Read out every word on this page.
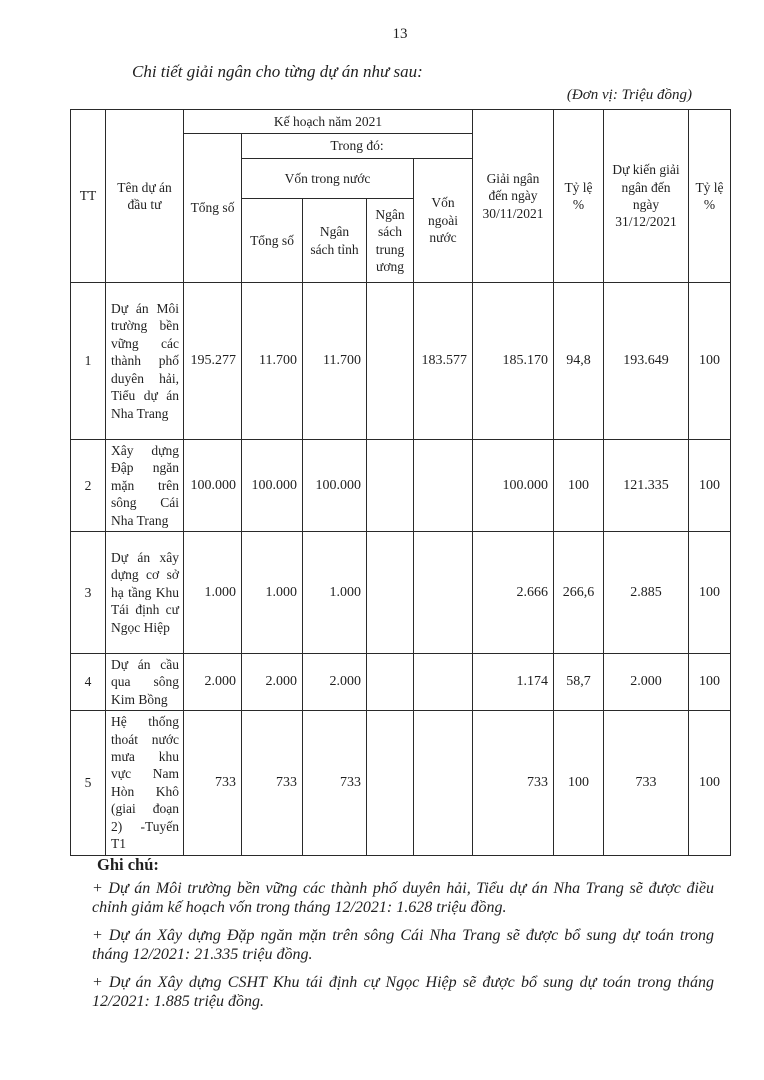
13
Chi tiết giải ngân cho từng dự án như sau:
(Đơn vị: Triệu đồng)
TT	Tên dự án đầu tư	Kế hoạch năm 2021					Giải ngân đến ngày 30/11/2021	Tỷ lệ %	Dự kiến giải ngân đến ngày 31/12/2021	Tỷ lệ %
		Tổng số	Trong đó:							
			Vốn trong nước			Vốn ngoài nước				
			Tổng số	Ngân sách tỉnh	Ngân sách trung ương					
1	Dự án Môi trường bền vững các thành phố duyên hải, Tiểu dự án Nha Trang	195.277	11.700	11.700		183.577	185.170	94,8	193.649	100
2	Xây dựng Đập ngăn mặn trên sông Cái Nha Trang	100.000	100.000	100.000			100.000	100	121.335	100
3	Dự án xây dựng cơ sở hạ tầng Khu Tái định cư Ngọc Hiệp	1.000	1.000	1.000			2.666	266,6	2.885	100
4	Dự án cầu qua sông Kim Bồng	2.000	2.000	2.000			1.174	58,7	2.000	100
5	Hệ thống thoát nước mưa khu vực Nam Hòn Khô (giai đoạn 2) -Tuyến T1	733	733	733			733	100	733	100
Ghi chú:

+ Dự án Môi trường bền vững các thành phố duyên hải, Tiểu dự án Nha Trang sẽ được điều chỉnh giảm kế hoạch vốn trong tháng 12/2021: 1.628 triệu đồng.

+ Dự án Xây dựng Đặp ngăn mặn trên sông Cái Nha Trang sẽ được bổ sung dự toán trong tháng 12/2021: 21.335 triệu đồng.

+ Dự án Xây dựng CSHT Khu tái định cự Ngọc Hiệp sẽ được bổ sung dự toán trong tháng 12/2021: 1.885 triệu đồng.
